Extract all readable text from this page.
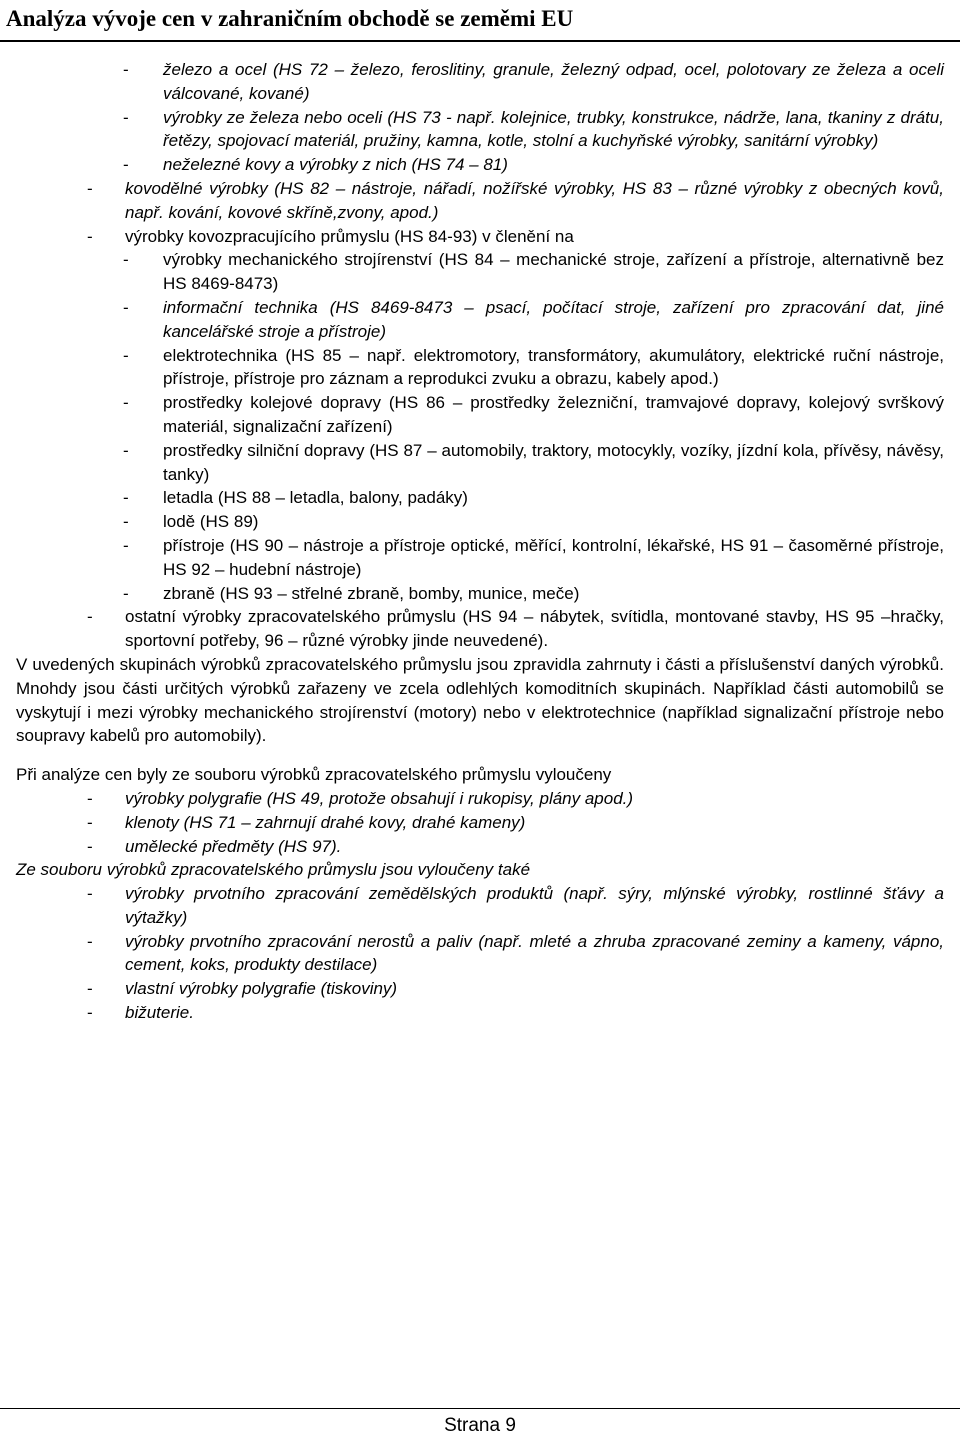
Analýza vývoje cen v zahraničním obchodě se zeměmi EU
- železo a ocel (HS 72 – železo, feroslitiny, granule, železný odpad, ocel, polotovary ze železa a oceli válcované, kované)
- výrobky ze železa nebo oceli (HS 73 - např. kolejnice, trubky, konstrukce, nádrže, lana, tkaniny z drátu, řetězy, spojovací materiál, pružiny, kamna, kotle, stolní a kuchyňské výrobky, sanitární výrobky)
- neželezné kovy a výrobky z nich (HS 74 – 81)
- kovodělné výrobky (HS 82 – nástroje, nářadí, nožířské výrobky, HS 83 – různé výrobky z obecných kovů, např. kování, kovové skříně,zvony, apod.)
- výrobky kovozpracujícího průmyslu (HS 84-93) v členění na
- výrobky mechanického strojírenství (HS 84 – mechanické stroje, zařízení a přístroje, alternativně bez HS 8469-8473)
- informační technika (HS 8469-8473 – psací, počítací stroje, zařízení pro zpracování dat, jiné kancelářské stroje a přístroje)
- elektrotechnika (HS 85 – např. elektromotory, transformátory, akumulátory, elektrické ruční nástroje, přístroje, přístroje pro záznam a reprodukci zvuku a obrazu, kabely apod.)
- prostředky kolejové dopravy (HS 86 – prostředky železniční, tramvajové dopravy, kolejový svrškový materiál, signalizační zařízení)
- prostředky silniční dopravy (HS 87 – automobily, traktory, motocykly, vozíky, jízdní kola, přívěsy, návěsy, tanky)
- letadla (HS 88 – letadla, balony, padáky)
- lodě (HS 89)
- přístroje (HS 90 – nástroje a přístroje optické, měřící, kontrolní, lékařské, HS 91 – časoměrné přístroje, HS 92 – hudební nástroje)
- zbraně (HS 93 – střelné zbraně, bomby, munice, meče)
- ostatní výrobky zpracovatelského průmyslu (HS 94 – nábytek, svítidla, montované stavby, HS 95 –hračky, sportovní potřeby, 96 – různé výrobky jinde neuvedené).

V uvedených skupinách výrobků zpracovatelského průmyslu jsou zpravidla zahrnuty i části a příslušenství daných výrobků. Mnohdy jsou části určitých výrobků zařazeny ve zcela odlehlých komoditních skupinách. Například části automobilů se vyskytují i mezi výrobky mechanického strojírenství (motory) nebo v elektrotechnice (například signalizační přístroje nebo soupravy kabelů pro automobily).

Při analýze cen byly ze souboru výrobků zpracovatelského průmyslu vyloučeny

- výrobky polygrafie (HS 49, protože obsahují i rukopisy, plány apod.)
- klenoty (HS 71 – zahrnují drahé kovy, drahé kameny)
- umělecké předměty (HS 97).

Ze souboru výrobků zpracovatelského průmyslu jsou vyloučeny také

- výrobky prvotního zpracování zemědělských produktů (např. sýry, mlýnské výrobky, rostlinné šťávy a výtažky)
- výrobky prvotního zpracování nerostů a paliv (např. mleté a zhruba zpracované zeminy a kameny, vápno, cement, koks, produkty destilace)
- vlastní výrobky polygrafie (tiskoviny)
- bižuterie.
Strana 9
